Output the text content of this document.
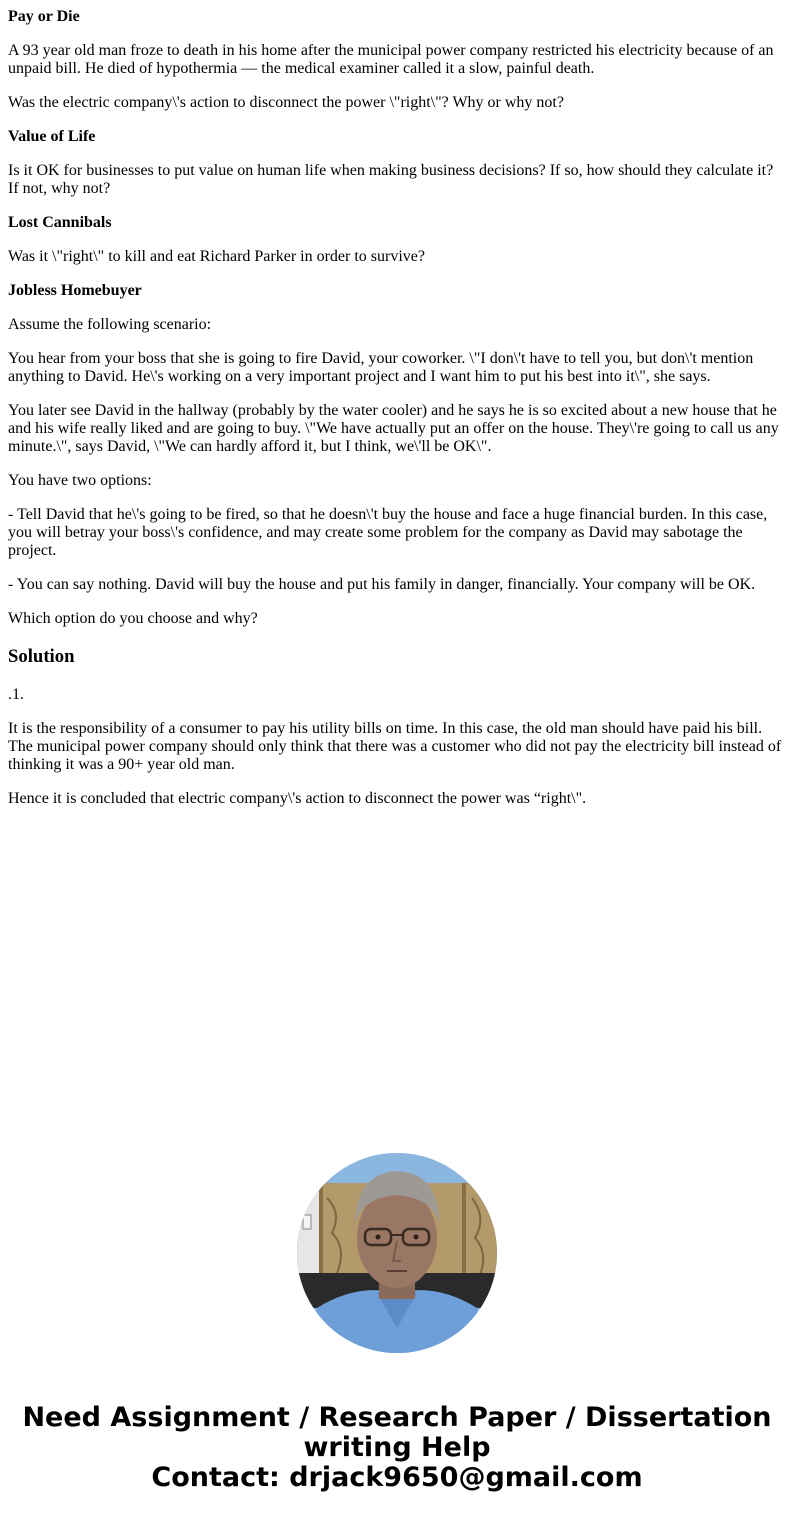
Pay or Die

A 93 year old man froze to death in his home after the municipal power company restricted his electricity because of an unpaid bill. He died of hypothermia — the medical examiner called it a slow, painful death.

Was the electric company\'s action to disconnect the power \"right\"? Why or why not?

Value of Life

Is it OK for businesses to put value on human life when making business decisions? If so, how should they calculate it? If not, why not?

Lost Cannibals

Was it \"right\" to kill and eat Richard Parker in order to survive?

Jobless Homebuyer

Assume the following scenario:

You hear from your boss that she is going to fire David, your coworker. \"I don\'t have to tell you, but don\'t mention anything to David. He\'s working on a very important project and I want him to put his best into it\", she says.

You later see David in the hallway (probably by the water cooler) and he says he is so excited about a new house that he and his wife really liked and are going to buy. \"We have actually put an offer on the house. They\'re going to call us any minute.\", says David, \"We can hardly afford it, but I think, we\'ll be OK\".

You have two options:

- Tell David that he\'s going to be fired, so that he doesn\'t buy the house and face a huge financial burden. In this case, you will betray your boss\'s confidence, and may create some problem for the company as David may sabotage the project.

- You can say nothing. David will buy the house and put his family in danger, financially. Your company will be OK.

Which option do you choose and why?

Solution

.1.

It is the responsibility of a consumer to pay his utility bills on time. In this case, the old man should have paid his bill. The municipal power company should only think that there was a customer who did not pay the electricity bill instead of thinking it was a 90+ year old man.

Hence it is concluded that electric company\'s action to disconnect the power was “right\".

Need Assignment / Research Paper / Dissertation
writing Help
Contact: drjack9650@gmail.com
